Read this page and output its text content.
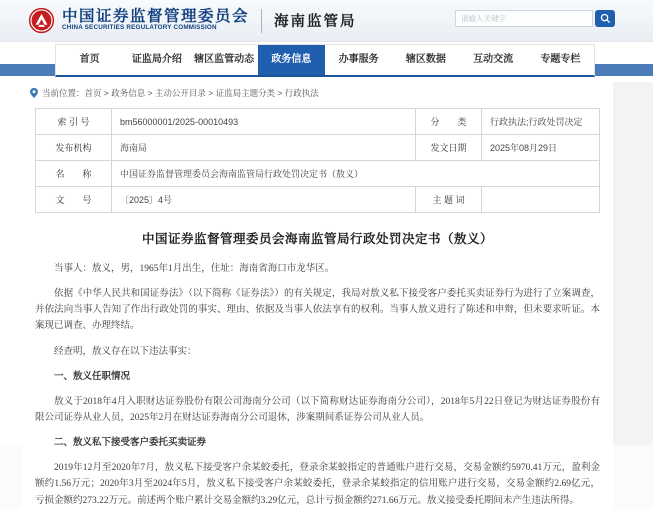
中国证券监督管理委员会
CHINA SECURITIES REGULATORY COMMISSION	海南监管局
请输入关键字
首页	证监局介绍	辖区监管动态	政务信息	办事服务	辖区数据	互动交流	专题专栏
当前位置： 首页 > 政务信息 > 主动公开目录 > 证监局主题分类 > 行政执法
索 引 号	bm56000001/2025-00010493	分　　类	行政执法;行政处罚决定
发布机构	海南局	发文日期	2025年08月29日
名　　称	中国证券监督管理委员会海南监管局行政处罚决定书（敖义）		
文　　号	〔2025〕4号	主 题 词	
中国证券监督管理委员会海南监管局行政处罚决定书（敖义）

当事人：敖义，男，1965年1月出生，住址：海南省海口市龙华区。

依据《中华人民共和国证券法》（以下简称《证券法》）的有关规定，我局对敖义私下接受客户委托买卖证券行为进行了立案调查，并依法向当事人告知了作出行政处罚的事实、理由、依据及当事人依法享有的权利。当事人敖义进行了陈述和申辩，但未要求听证。本案现已调查、办理终结。

经查明，敖义存在以下违法事实：

一、敖义任职情况

敖义于2018年4月入职财达证券股份有限公司海南分公司（以下简称财达证券海南分公司），2018年5月22日登记为财达证券股份有限公司证券从业人员，2025年2月在财达证券海南分公司退休，涉案期间系证券公司从业人员。

二、敖义私下接受客户委托买卖证券

2019年12月至2020年7月，敖义私下接受客户余某蛟委托，登录余某蛟指定的普通账户进行交易，交易金额约5970.41万元，盈利金额约1.56万元；2020年3月至2024年5月，敖义私下接受客户余某蛟委托，登录余某蛟指定的信用账户进行交易，交易金额约2.69亿元，亏损金额约273.22万元。前述两个账户累计交易金额约3.29亿元，总计亏损金额约271.66万元。敖义接受委托期间未产生违法所得。
